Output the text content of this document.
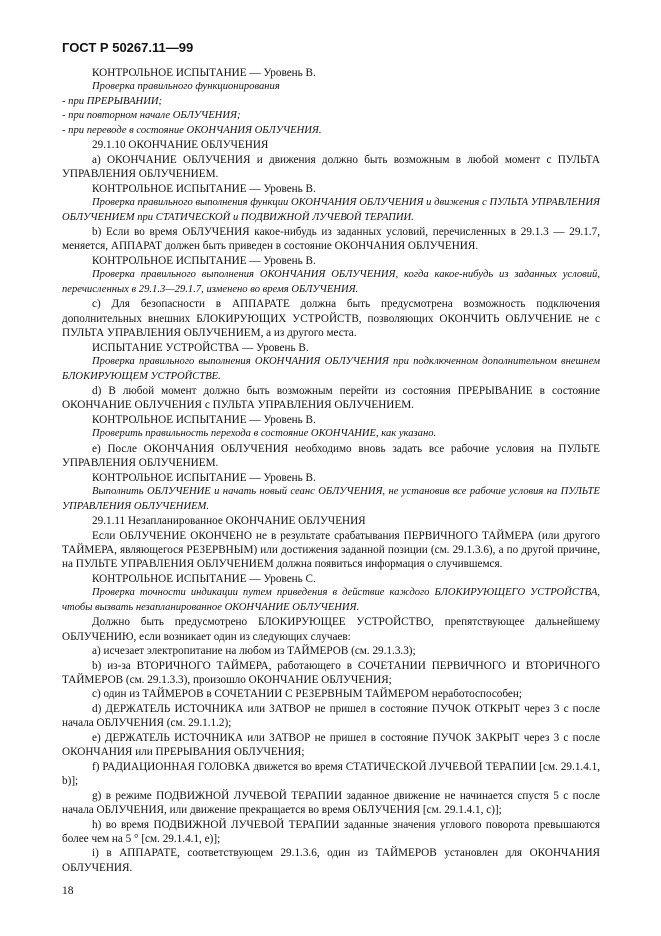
ГОСТ Р 50267.11—99

КОНТРОЛЬНОЕ ИСПЫТАНИЕ — Уровень В.

Проверка правильного функционирования

- при ПРЕРЫВАНИИ;

- при повторном начале ОБЛУЧЕНИЯ;

- при переводе в состояние ОКОНЧАНИЯ ОБЛУЧЕНИЯ.

29.1.10 ОКОНЧАНИЕ ОБЛУЧЕНИЯ

а) ОКОНЧАНИЕ ОБЛУЧЕНИЯ и движения должно быть возможным в любой момент с ПУЛЬТА УПРАВЛЕНИЯ ОБЛУЧЕНИЕМ.

КОНТРОЛЬНОЕ ИСПЫТАНИЕ — Уровень В.

Проверка правильного выполнения функции ОКОНЧАНИЯ ОБЛУЧЕНИЯ и движения с ПУЛЬТА УПРАВЛЕНИЯ ОБЛУЧЕНИЕМ при СТАТИЧЕСКОЙ и ПОДВИЖНОЙ ЛУЧЕВОЙ ТЕРАПИИ.

b) Если во время ОБЛУЧЕНИЯ какое-нибудь из заданных условий, перечисленных в 29.1.3 — 29.1.7, меняется, АППАРАТ должен быть приведен в состояние ОКОНЧАНИЯ ОБЛУЧЕНИЯ.

КОНТРОЛЬНОЕ ИСПЫТАНИЕ — Уровень В.

Проверка правильного выполнения ОКОНЧАНИЯ ОБЛУЧЕНИЯ, когда какое-нибудь из заданных условий, перечисленных в 29.1.3—29.1.7, изменено во время ОБЛУЧЕНИЯ.

с) Для безопасности в АППАРАТЕ должна быть предусмотрена возможность подключения дополнительных внешних БЛОКИРУЮЩИХ УСТРОЙСТВ, позволяющих ОКОНЧИТЬ ОБЛУЧЕНИЕ не с ПУЛЬТА УПРАВЛЕНИЯ ОБЛУЧЕНИЕМ, а из другого места.

ИСПЫТАНИЕ УСТРОЙСТВА — Уровень В.

Проверка правильного выполнения ОКОНЧАНИЯ ОБЛУЧЕНИЯ при подключенном дополнительном внешнем БЛОКИРУЮЩЕМ УСТРОЙСТВЕ.

d) В любой момент должно быть возможным перейти из состояния ПРЕРЫВАНИЕ в состояние ОКОНЧАНИЕ ОБЛУЧЕНИЯ с ПУЛЬТА УПРАВЛЕНИЯ ОБЛУЧЕНИЕМ.

КОНТРОЛЬНОЕ ИСПЫТАНИЕ — Уровень В.

Проверить правильность перехода в состояние ОКОНЧАНИЕ, как указано.

е) После ОКОНЧАНИЯ ОБЛУЧЕНИЯ необходимо вновь задать все рабочие условия на ПУЛЬТЕ УПРАВЛЕНИЯ ОБЛУЧЕНИЕМ.

КОНТРОЛЬНОЕ ИСПЫТАНИЕ — Уровень В.

Выполнить ОБЛУЧЕНИЕ и начать новый сеанс ОБЛУЧЕНИЯ, не установив все рабочие условия на ПУЛЬТЕ УПРАВЛЕНИЯ ОБЛУЧЕНИЕМ.

29.1.11 Незапланированное ОКОНЧАНИЕ ОБЛУЧЕНИЯ

Если ОБЛУЧЕНИЕ ОКОНЧЕНО не в результате срабатывания ПЕРВИЧНОГО ТАЙМЕРА (или другого ТАЙМЕРА, являющегося РЕЗЕРВНЫМ) или достижения заданной позиции (см. 29.1.3.6), а по другой причине, на ПУЛЬТЕ УПРАВЛЕНИЯ ОБЛУЧЕНИЕМ должна появиться информация о случившемся.

КОНТРОЛЬНОЕ ИСПЫТАНИЕ — Уровень С.

Проверка точности индикации путем приведения в действие каждого БЛОКИРУЮЩЕГО УСТРОЙСТВА, чтобы вызвать незапланированное ОКОНЧАНИЕ ОБЛУЧЕНИЯ.

Должно быть предусмотрено БЛОКИРУЮЩЕЕ УСТРОЙСТВО, препятствующее дальнейшему ОБЛУЧЕНИЮ, если возникает один из следующих случаев:

а) исчезает электропитание на любом из ТАЙМЕРОВ (см. 29.1.3.3);

b) из-за ВТОРИЧНОГО ТАЙМЕРА, работающего в СОЧЕТАНИИ ПЕРВИЧНОГО И ВТОРИЧНОГО ТАЙМЕРОВ (см. 29.1.3.3), произошло ОКОНЧАНИЕ ОБЛУЧЕНИЯ;

с) один из ТАЙМЕРОВ в СОЧЕТАНИИ С РЕЗЕРВНЫМ ТАЙМЕРОМ неработоспособен;

d) ДЕРЖАТЕЛЬ ИСТОЧНИКА или ЗАТВОР не пришел в состояние ПУЧОК ОТКРЫТ через 3 с после начала ОБЛУЧЕНИЯ (см. 29.1.1.2);

е) ДЕРЖАТЕЛЬ ИСТОЧНИКА или ЗАТВОР не пришел в состояние ПУЧОК ЗАКРЫТ через 3 с после ОКОНЧАНИЯ или ПРЕРЫВАНИЯ ОБЛУЧЕНИЯ;

f) РАДИАЦИОННАЯ ГОЛОВКА движется во время СТАТИЧЕСКОЙ ЛУЧЕВОЙ ТЕРАПИИ [см. 29.1.4.1, b)];

g) в режиме ПОДВИЖНОЙ ЛУЧЕВОЙ ТЕРАПИИ заданное движение не начинается спустя 5 с после начала ОБЛУЧЕНИЯ, или движение прекращается во время ОБЛУЧЕНИЯ [см. 29.1.4.1, с)];

h) во время ПОДВИЖНОЙ ЛУЧЕВОЙ ТЕРАПИИ заданные значения углового поворота превышаются более чем на 5 ° [см. 29.1.4.1, е)];

i) в АППАРАТЕ, соответствующем 29.1.3.6, один из ТАЙМЕРОВ установлен для ОКОНЧАНИЯ ОБЛУЧЕНИЯ.

18
